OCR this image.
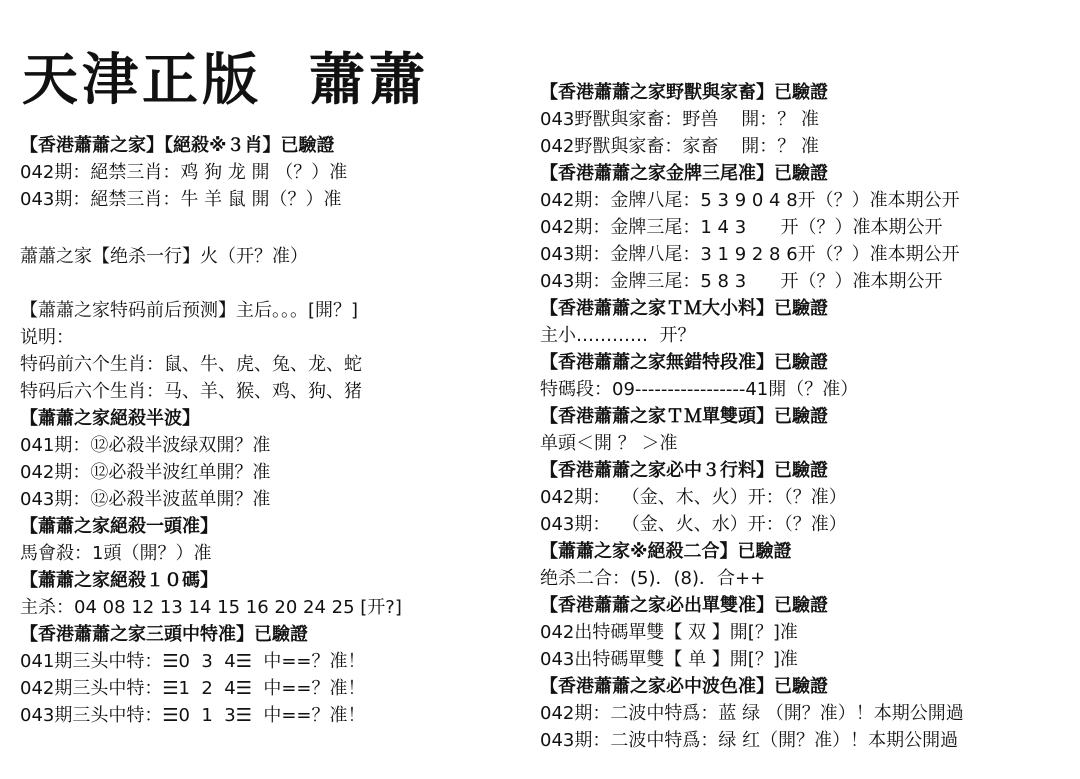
天津正版  蕭蕭
【香港蕭蕭之家】【絕殺※３肖】已驗證
042期：絕禁三肖：鸡 狗 龙 開 （？）准
043期：絕禁三肖：牛 羊 鼠 開（？）准
蕭蕭之家【绝杀一行】火（开？准）
【蕭蕭之家特码前后预测】主后。。。[開？]
说明：
特码前六个生肖：鼠、牛、虎、兔、龙、蛇
特码后六个生肖：马、羊、猴、鸡、狗、猪
【蕭蕭之家絕殺半波】
041期：⑫必殺半波绿双開？准
042期：⑫必殺半波红单開？准
043期：⑫必殺半波蓝单開？准
【蕭蕭之家絕殺一頭准】
馬會殺：1頭（開？）准
【蕭蕭之家絕殺１０碼】
主杀：04 08 12 13 14 15 16 20 24 25 [开?]
【香港蕭蕭之家三頭中特准】已驗證
041期三头中特：☰0  3  4☰  中==？准！
042期三头中特：☰1  2  4☰  中==？准！
043期三头中特：☰0  1  3☰  中==？准！
【香港蕭蕭之家野獸與家畜】已驗證
043野獸與家畜：野兽    開：？ 准
042野獸與家畜：家畜    開：？ 准
【香港蕭蕭之家金牌三尾准】已驗證
042期：金牌八尾：5 3 9 0 4 8开（？）准本期公开
042期：金牌三尾：1 4 3      开（？）准本期公开
043期：金牌八尾：3 1 9 2 8 6开（？）准本期公开
043期：金牌三尾：5 8 3      开（？）准本期公开
【香港蕭蕭之家ＴＭ大小料】已驗證
主小…………  开？
【香港蕭蕭之家無錯特段准】已驗證
特碼段：09-----------------41開（？准）
【香港蕭蕭之家ＴＭ單雙頭】已驗證
单頭＜開 ？ ＞准
【香港蕭蕭之家必中３行料】已驗證
042期：  （金、木、火）开：（？准）
043期：  （金、火、水）开：（？准）
【蕭蕭之家※絕殺二合】已驗證
绝杀二合：(5)．(8)．合++
【香港蕭蕭之家必出單雙准】已驗證
042出特碼單雙【 双 】開[？]准
043出特碼單雙【 单 】開[？]准
【香港蕭蕭之家必中波色准】已驗證
042期：二波中特爲：蓝 绿 （開？准）！本期公開過
043期：二波中特爲：绿 红（開？准）！本期公開過
